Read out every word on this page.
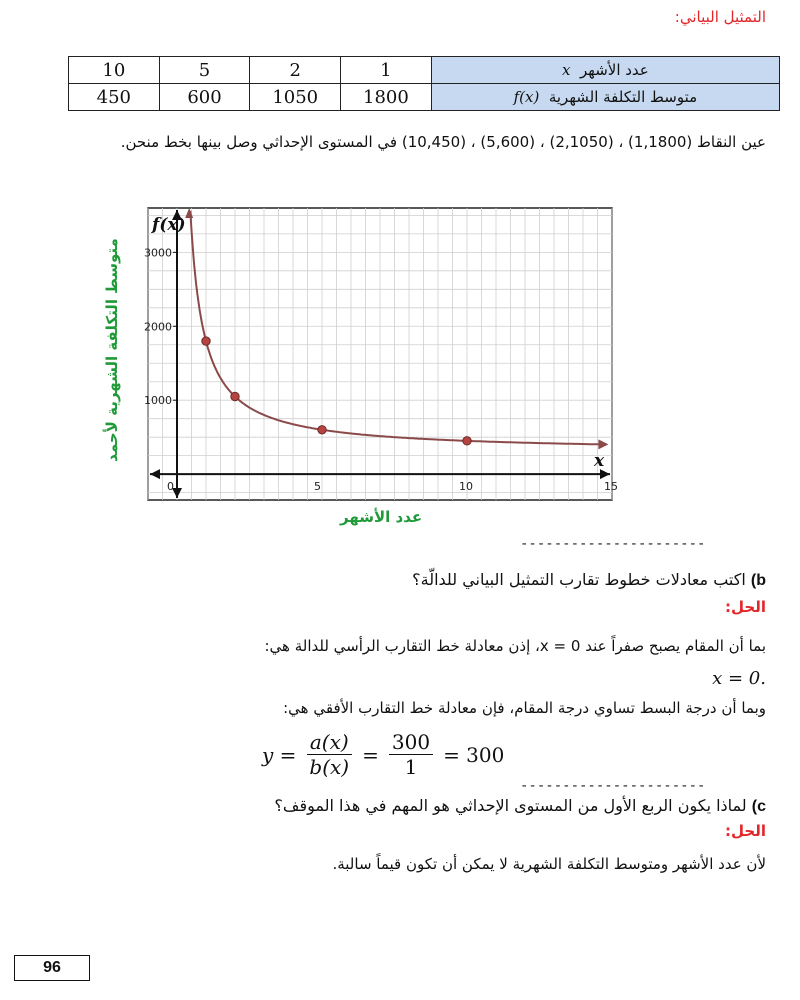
التمثيل البياني:
10	5	2	1	عدد الأشهر  x
450	600	1050	1800	متوسط التكلفة الشهرية  f(x)
عين النقاط (1,1800) ، (2,1050) ، (5,600) ، (10,450) في المستوى الإحداثي وصل بينها بخط منحن.
متوسط التكلفة الشهرية لأحمد
0	5	10	15
1000
2000
3000
f(x)
x
عدد الأشهر
----------------------
b) اكتب معادلات خطوط تقارب التمثيل البياني للدالّة؟
الحل:
بما أن المقام يصبح صفراً عند x = 0، إذن معادلة خط التقارب الرأسي للدالة هي:
.x = 0
وبما أن درجة البسط تساوي درجة المقام، فإن معادلة خط التقارب الأفقي هي:
$y = \frac{a(x)}{b(x)} = \frac{300}{1} = 300$
----------------------
c) لماذا يكون الربع الأول من المستوى الإحداثي هو المهم في هذا الموقف؟
الحل:
لأن عدد الأشهر ومتوسط التكلفة الشهرية لا يمكن أن تكون قيماً سالبة.
96
